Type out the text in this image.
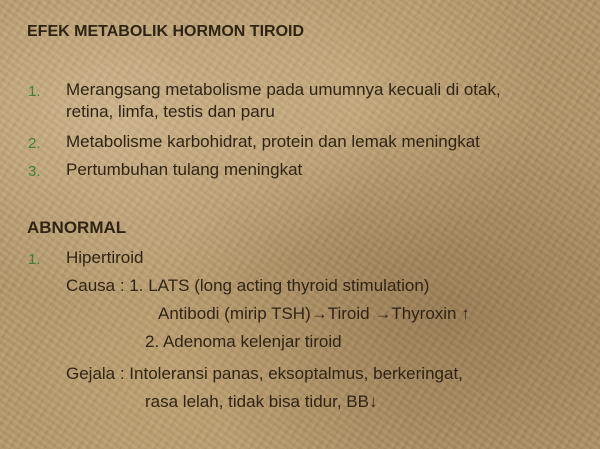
EFEK METABOLIK HORMON TIROID
1. Merangsang metabolisme pada umumnya kecuali di otak,
retina, limfa, testis dan paru
2. Metabolisme karbohidrat, protein dan lemak meningkat
3. Pertumbuhan tulang meningkat
ABNORMAL
1. Hipertiroid
Causa : 1. LATS (long acting thyroid stimulation)
Antibodi (mirip TSH)→Tiroid →Thyroxin ↑
2. Adenoma kelenjar tiroid
Gejala : Intoleransi panas, eksoptalmus, berkeringat,
rasa lelah, tidak bisa tidur, BB↓
